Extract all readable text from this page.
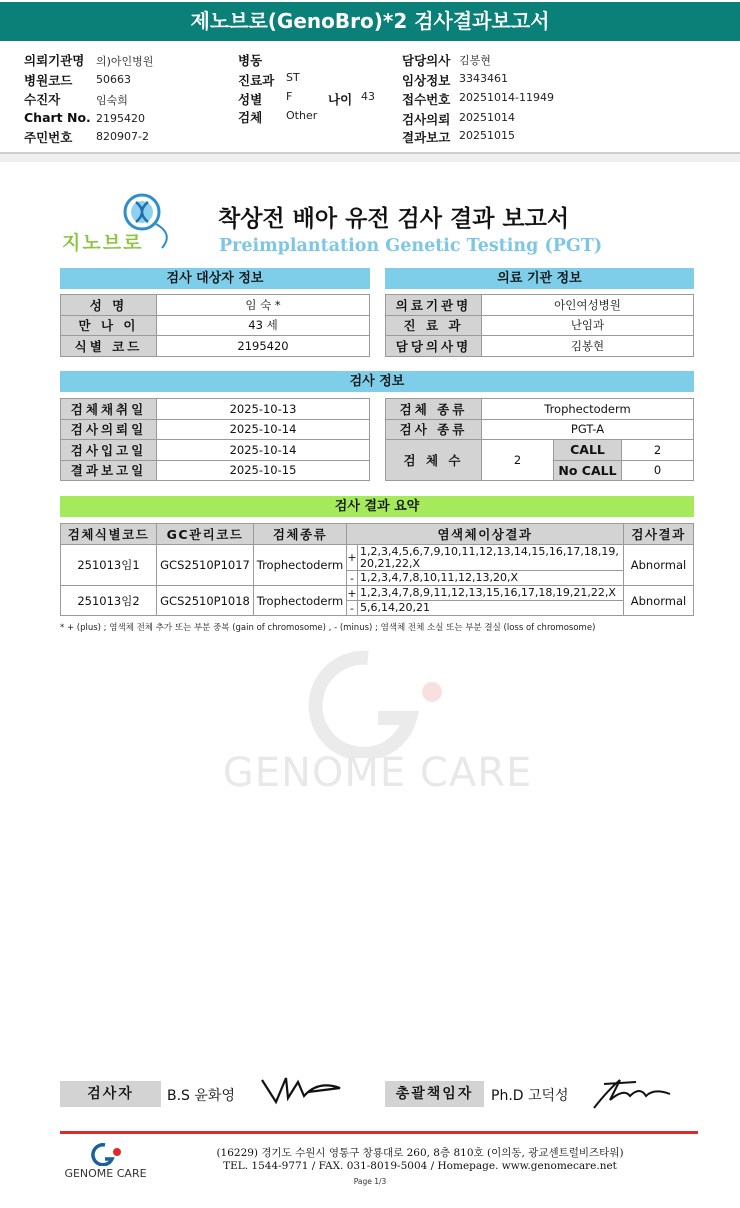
제노브로(GenoBro)*2 검사결과보고서
의뢰기관명 의)아인병원
병원코드 50663
수진자	임숙희
Chart No. 2195420
주민번호 820907-2
병동
진료과 ST
성별 F	나이 43
검체 Other
담당의사 김봉현
임상정보 3343461
접수번호 20251014-11949
검사의뢰 20251014
결과보고 20251015
지노브로
착상전 배아 유전 검사 결과 보고서
Preimplantation Genetic Testing (PGT)
검사 대상자 정보
성 명	임 숙 *
만 나 이	43 세
식별 코드	2195420
의료 기관 정보
의료기관명	아인여성병원
진 료 과	난임과
담당의사명	김봉현
검사 정보
검체채취일	2025-10-13
검사의뢰일	2025-10-14
검사입고일	2025-10-14
결과보고일	2025-10-15
검체 종류	Trophectoderm		
검사 종류	PGT-A		
검 체 수	2	CALL	2
		No CALL	0
검사 결과 요약
검체식별코드	GC관리코드	검체종류	염색체이상결과	검사결과
251013임1	GCS2510P1017	Trophectoderm	+ 1,2,3,4,5,6,7,9,10,11,12,13,14,15,16,17,18,19,20,21,22,X
- 1,2,3,4,7,8,10,11,12,13,20,X	Abnormal
251013임2	GCS2510P1018	Trophectoderm	+ 1,2,3,4,7,8,9,11,12,13,15,16,17,18,19,21,22,X
- 5,6,14,20,21	Abnormal
* + (plus) ; 염색체 전체 추가 또는 부분 중복 (gain of chromosome) , - (minus) ; 염색체 전체 소실 또는 부분 결실 (loss of chromosome)
GENOME CARE
검사자	B.S 윤화영	총괄책임자	Ph.D 고덕성
GENOME CARE
(16229) 경기도 수원시 영통구 창룡대로 260, 8층 810호 (이의동, 광교센트럴비즈타워)
TEL. 1544-9771 / FAX. 031-8019-5004 / Homepage. www.genomecare.net
Page 1/3
